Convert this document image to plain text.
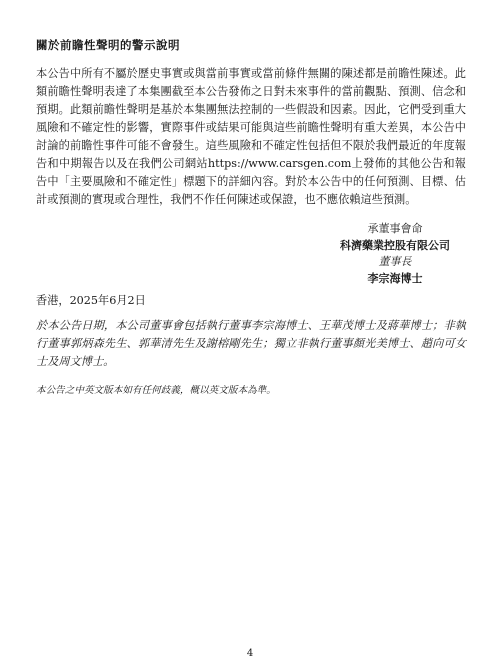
關於前瞻性聲明的警示說明
本公告中所有不屬於歷史事實或與當前事實或當前條件無關的陳述都是前瞻性陳述。此類前瞻性聲明表達了本集團截至本公告發佈之日對未來事件的當前觀點、預測、信念和預期。此類前瞻性聲明是基於本集團無法控制的一些假設和因素。因此，它們受到重大風險和不確定性的影響，實際事件或結果可能與這些前瞻性聲明有重大差異，本公告中討論的前瞻性事件可能不會發生。這些風險和不確定性包括但不限於我們最近的年度報告和中期報告以及在我們公司網站https://www.carsgen.com上發佈的其他公告和報告中「主要風險和不確定性」標題下的詳細內容。對於本公告中的任何預測、目標、估計或預測的實現或合理性，我們不作任何陳述或保證，也不應依賴這些預測。
承董事會命
科濟藥業控股有限公司
董事長
李宗海博士
香港，2025年6月2日
於本公告日期，本公司董事會包括執行董事李宗海博士、王華茂博士及蔣華博士；非執行董事郭炳森先生、郭華清先生及謝榕剛先生；獨立非執行董事顏光美博士、趙向可女士及周文博士。
本公告之中英文版本如有任何歧義，概以英文版本為準。
4
